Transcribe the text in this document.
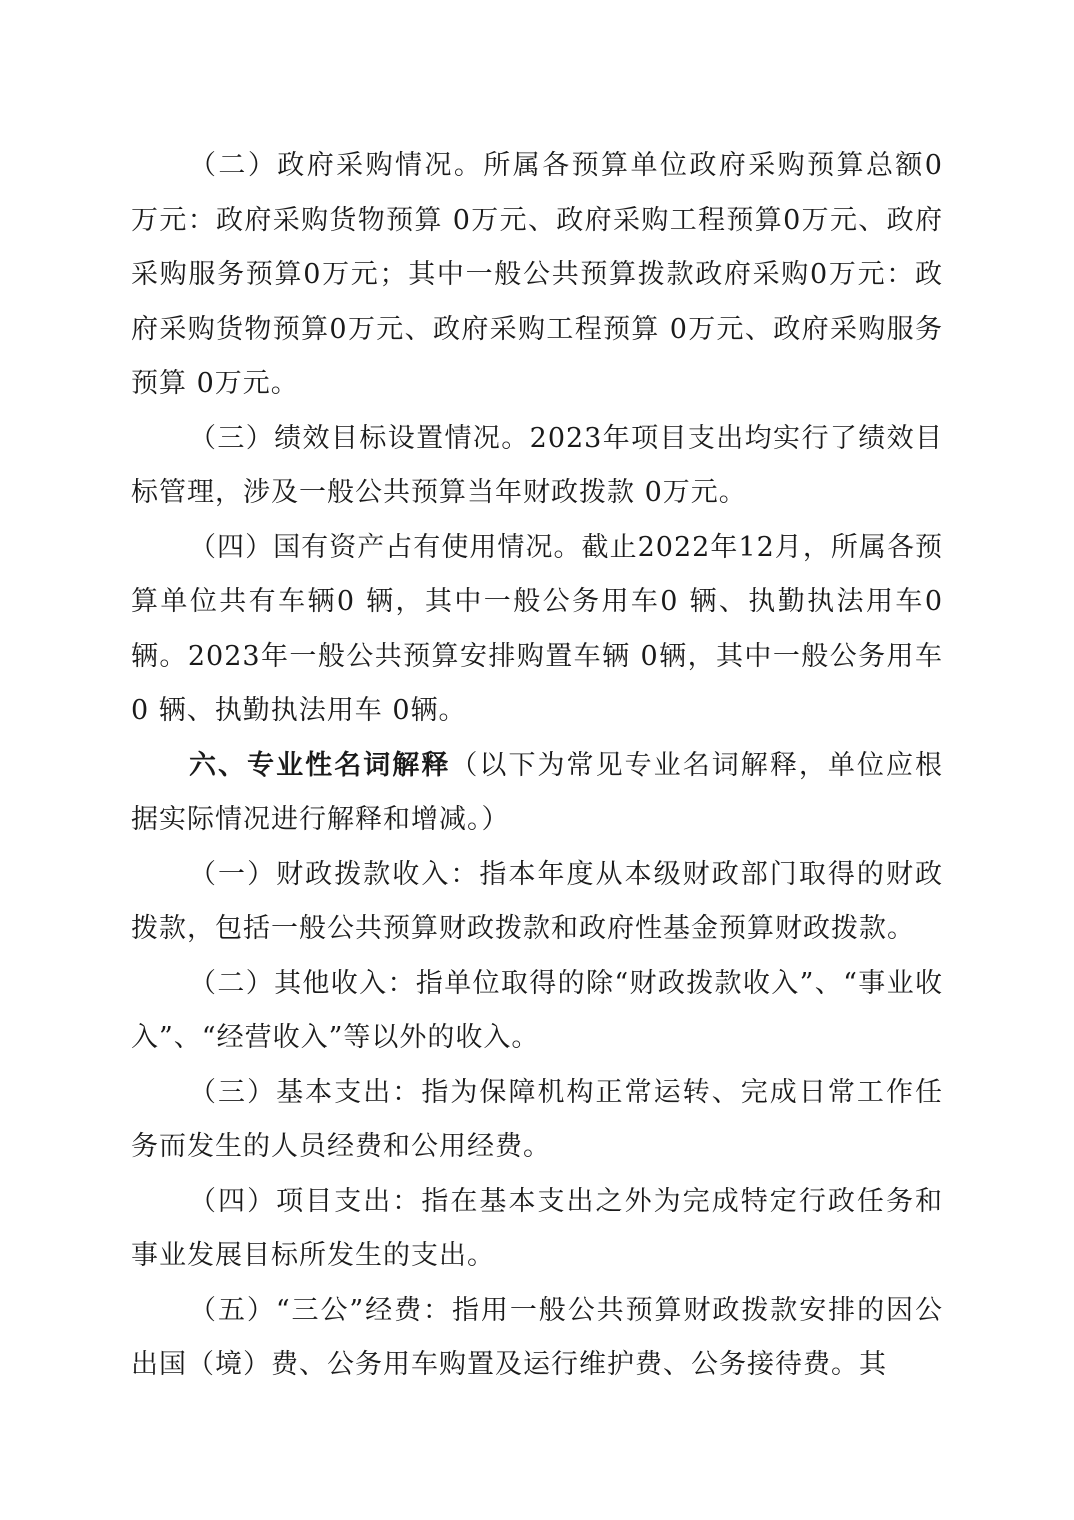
（二）政府采购情况。所属各预算单位政府采购预算总额0 万元：政府采购货物预算 0万元、政府采购工程预算0万元、政府采购服务预算0万元；其中一般公共预算拨款政府采购0万元：政府采购货物预算0万元、政府采购工程预算 0万元、政府采购服务预算 0万元。

（三）绩效目标设置情况。2023年项目支出均实行了绩效目标管理，涉及一般公共预算当年财政拨款 0万元。

（四）国有资产占有使用情况。截止2022年12月，所属各预算单位共有车辆0 辆，其中一般公务用车0 辆、执勤执法用车0 辆。2023年一般公共预算安排购置车辆 0辆，其中一般公务用车0 辆、执勤执法用车 0辆。

六、专业性名词解释（以下为常见专业名词解释，单位应根据实际情况进行解释和增减。）

（一）财政拨款收入：指本年度从本级财政部门取得的财政拨款，包括一般公共预算财政拨款和政府性基金预算财政拨款。

（二）其他收入：指单位取得的除“财政拨款收入”、“事业收入”、“经营收入”等以外的收入。

（三）基本支出：指为保障机构正常运转、完成日常工作任务而发生的人员经费和公用经费。

（四）项目支出：指在基本支出之外为完成特定行政任务和事业发展目标所发生的支出。

（五）“三公”经费：指用一般公共预算财政拨款安排的因公出国（境）费、公务用车购置及运行维护费、公务接待费。其
